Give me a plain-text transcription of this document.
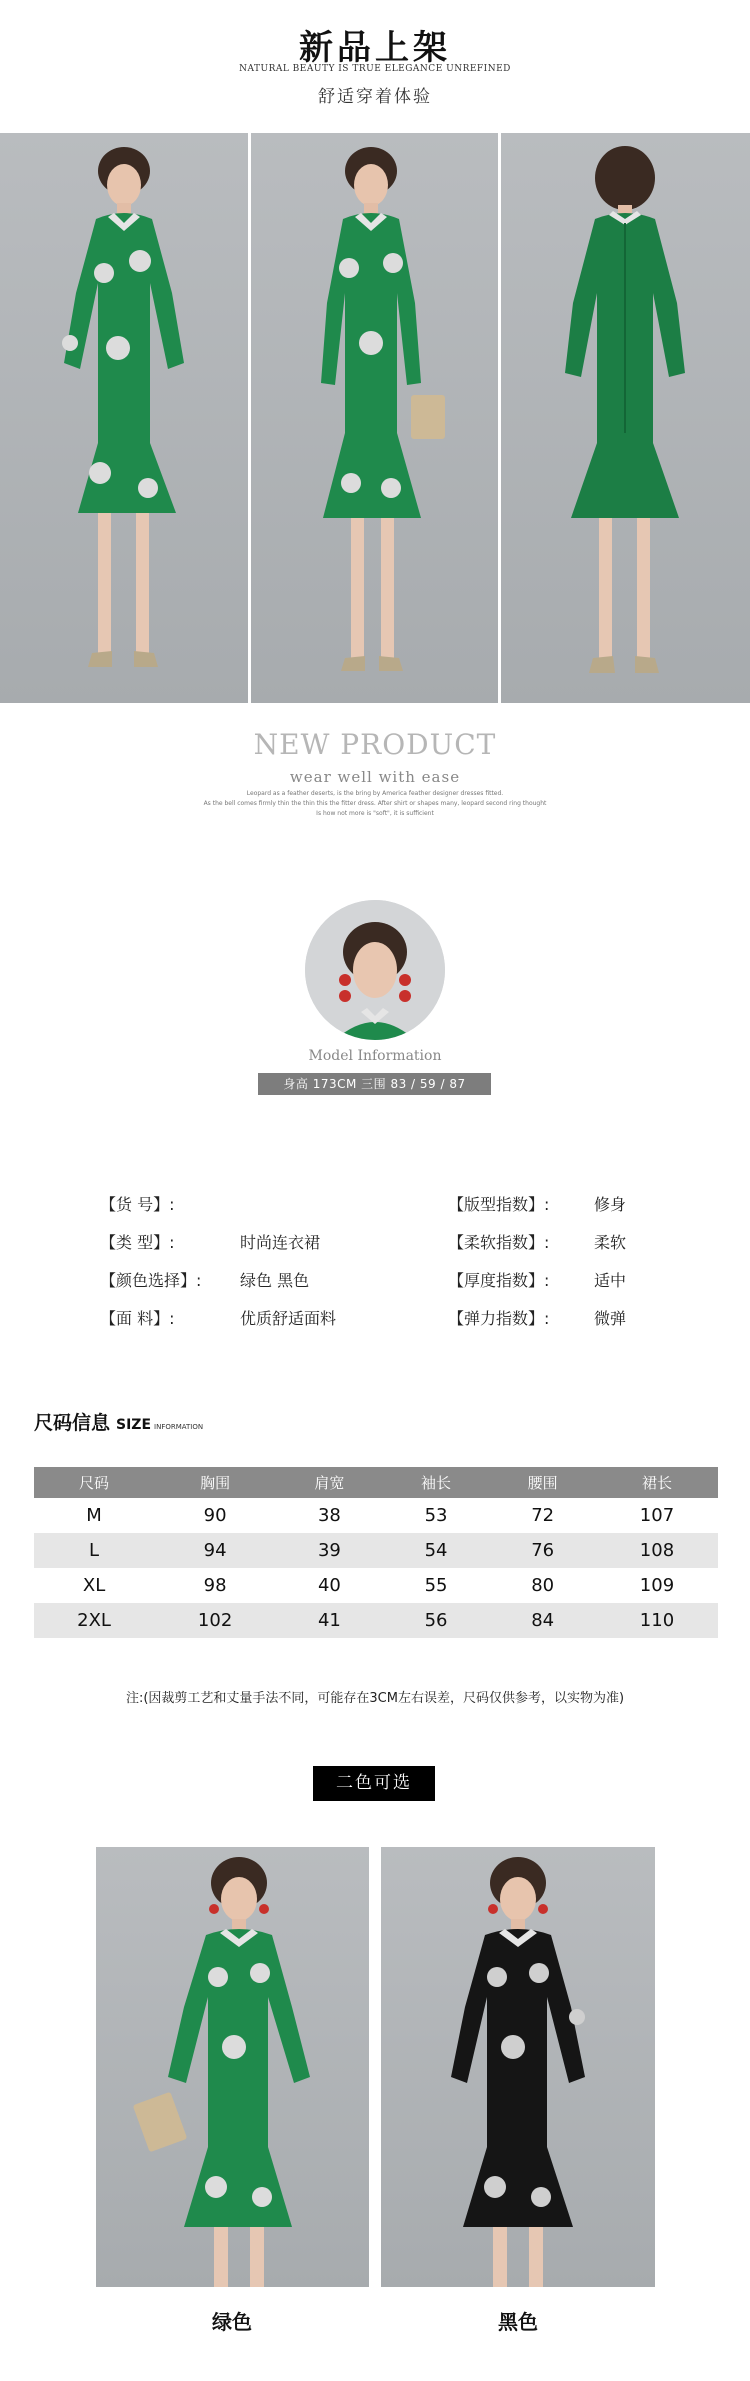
新品上架
NATURAL BEAUTY IS TRUE ELEGANCE UNREFINED
舒适穿着体验
NEW PRODUCT
wear well with ease
Leopard as a feather deserts, is the bring by America feather designer dresses fitted.
As the bell comes firmly thin the thin this the fitter dress. After shirt or shapes many, leopard second ring thought
Is how not more is "soft", it is sufficient
Model Information
身高 173CM 三围 83 / 59 / 87
【货 号】:
【类 型】:	时尚连衣裙
【颜色选择】: 绿色 黑色
【面 料】:	优质舒适面料
【版型指数】:	修身
【柔软指数】:	柔软
【厚度指数】:	适中
【弹力指数】:	微弹
尺码信息 SIZE INFORMATION
尺码	胸围	肩宽	袖长	腰围	裙长
M	90	38	53	72	107
L	94	39	54	76	108
XL	98	40	55	80	109
2XL	102	41	56	84	110
注:(因裁剪工艺和丈量手法不同，可能存在3CM左右误差，尺码仅供参考，以实物为准)
二色可选
绿色	黑色
